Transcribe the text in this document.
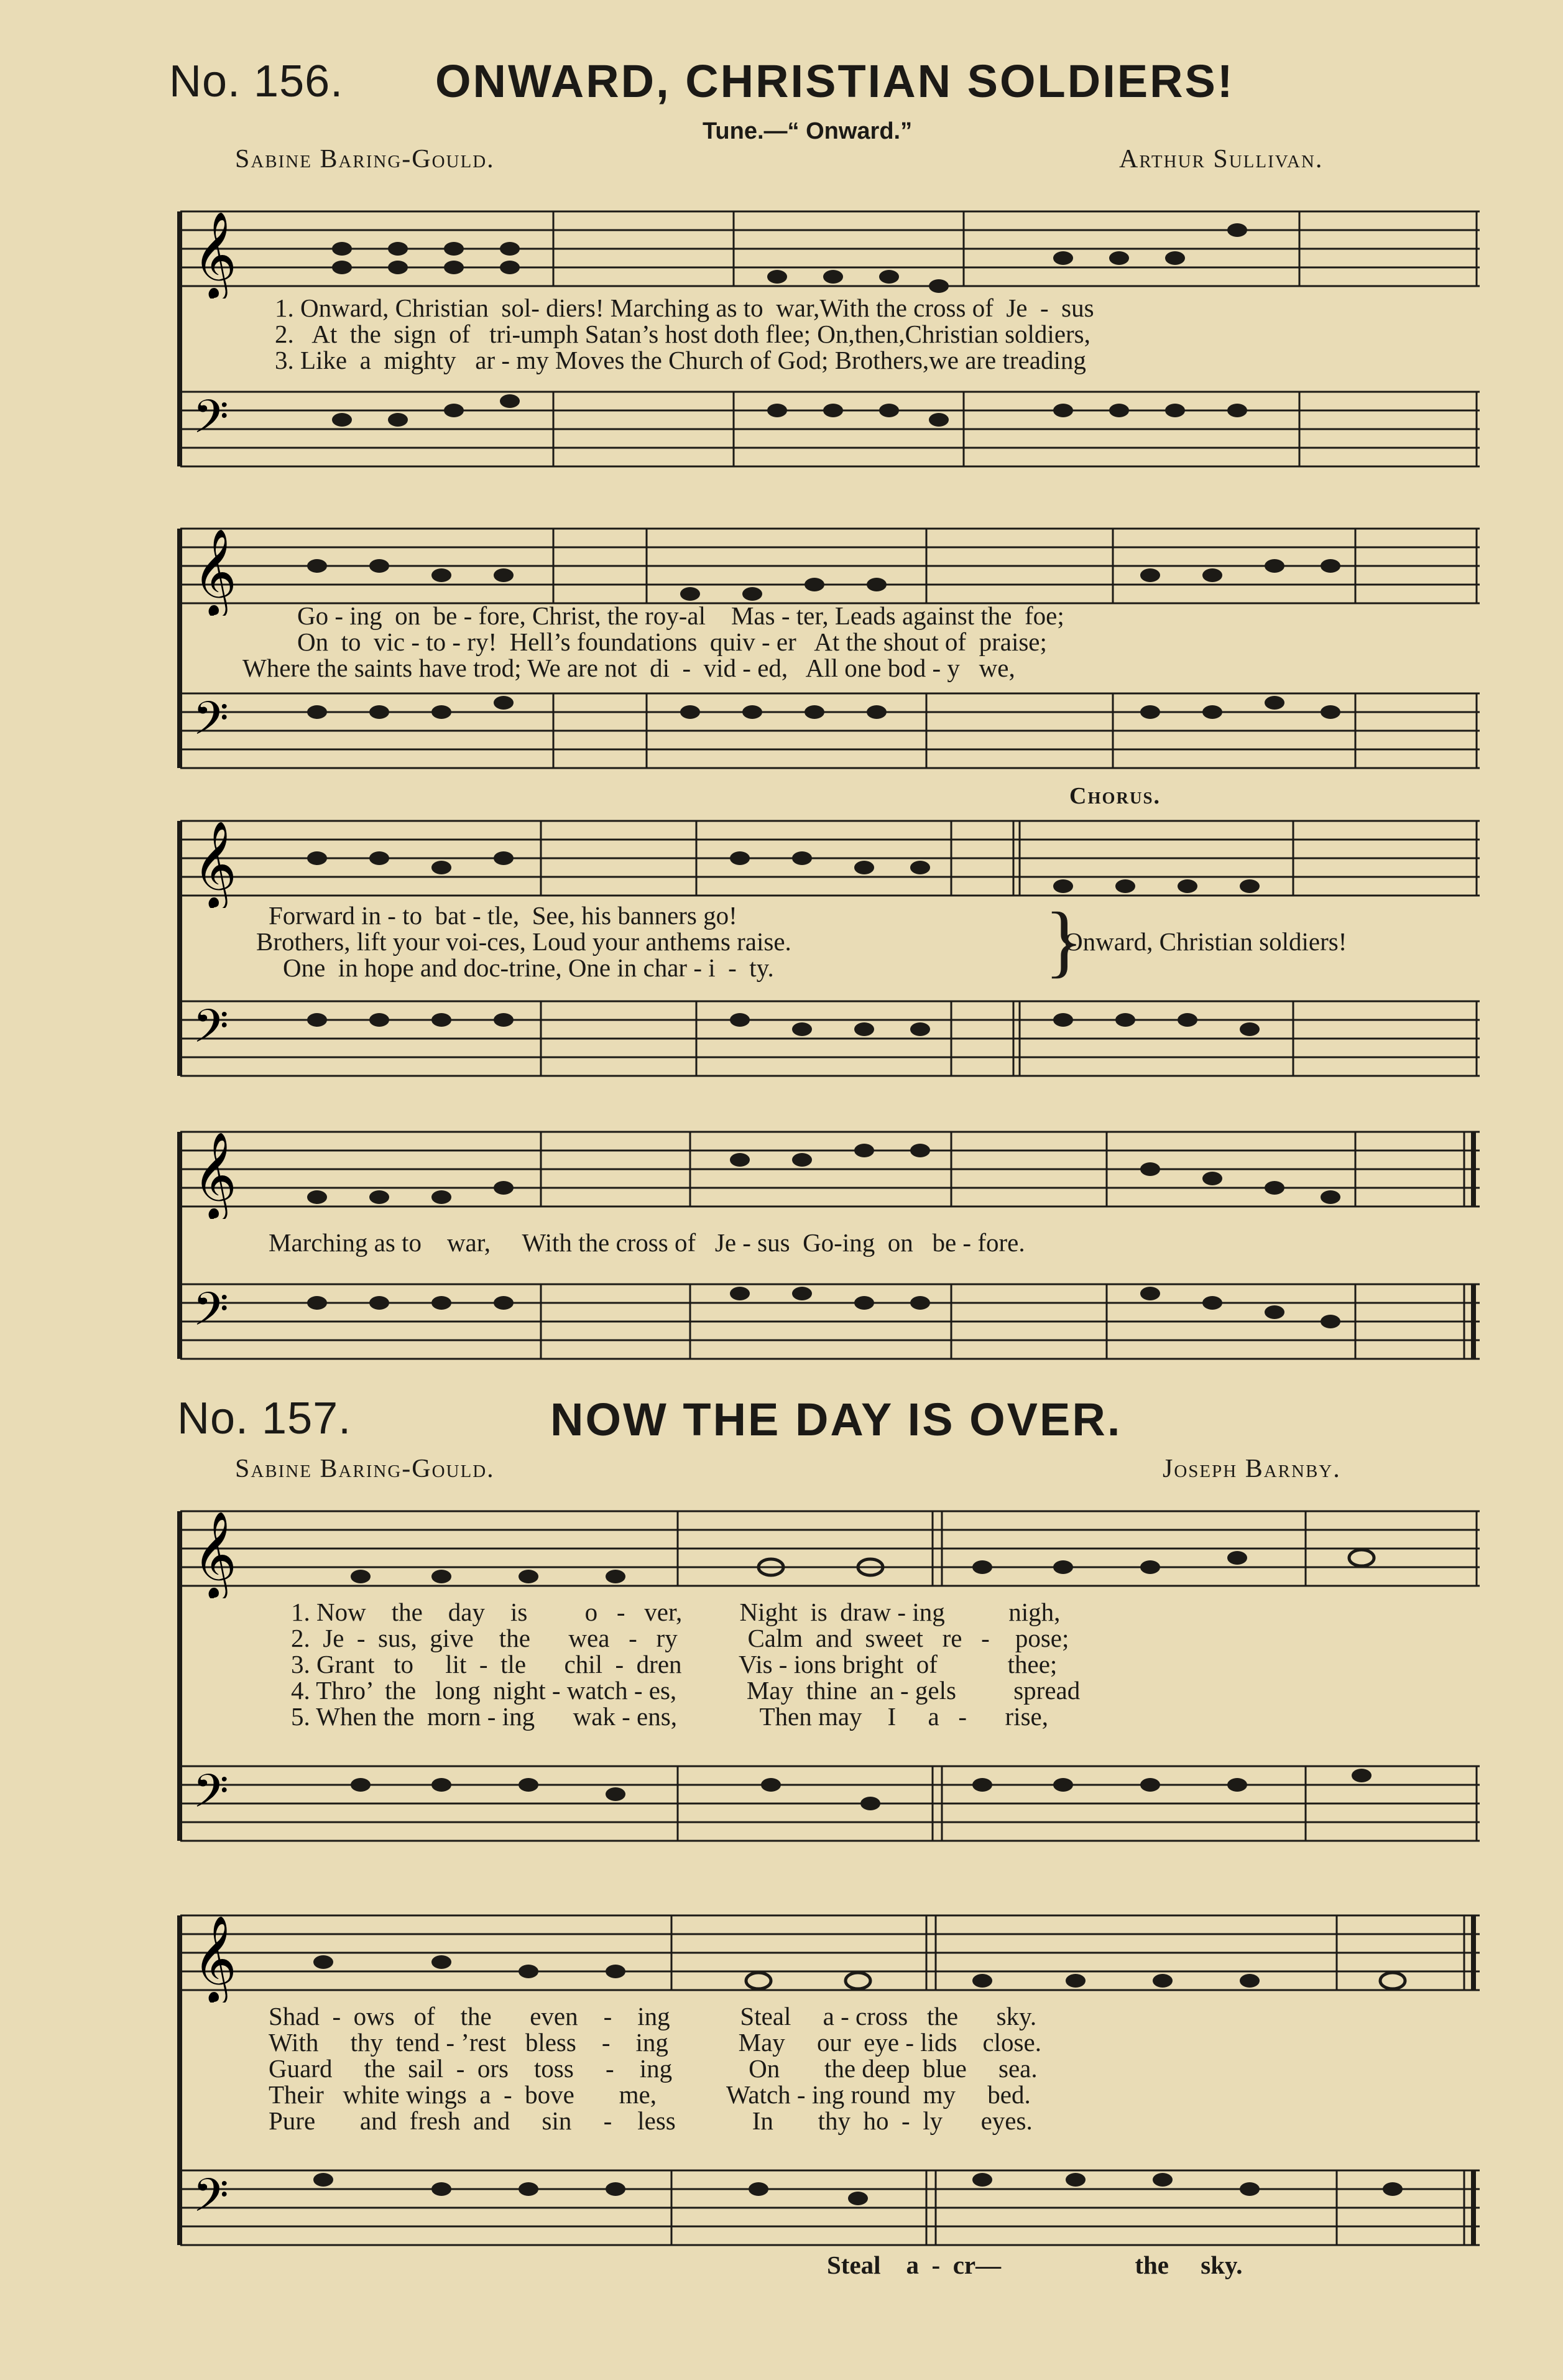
No. 156. ONWARD, CHRISTIAN SOLDIERS!
Tune.—“ Onward.”
Sabine Baring-Gould.	Arthur Sullivan.
𝄞
1. Onward, Christian  sol- diers! Marching as to  war,With the cross of  Je  -  sus
2.   At  the  sign  of   tri-umph Satan’s host doth flee; On,then,Christian soldiers,
3. Like  a  mighty   ar - my Moves the Church of God; Brothers,we are treading
𝄢
𝄞
Go - ing  on  be - fore, Christ, the roy-al    Mas - ter, Leads against the  foe;
On  to  vic - to - ry!  Hell’s foundations  quiv - er   At the shout of  praise;
Where the saints have trod; We are not  di  -  vid - ed,   All one bod - y   we,
𝄢
Chorus.
𝄞
Forward in - to  bat - tle,  See, his banners go!
Brothers, lift your voi-ces, Loud your anthems raise.
One  in hope and doc-trine, One in char - i  -  ty.	}
Onward, Christian soldiers!
𝄢
𝄞
Marching as to    war,     With the cross of   Je - sus  Go-ing  on   be - fore.
𝄢
No. 157.	NOW THE DAY IS OVER.
Sabine Baring-Gould.	Joseph Barnby.
𝄞
1. Now    the    day    is         o   -   ver,         Night  is  draw - ing          nigh,
2.  Je  -  sus,  give    the      wea   -   ry           Calm  and  sweet   re   -    pose;
3. Grant   to     lit  -  tle      chil  -  dren         Vis - ions bright  of           thee;
4. Thro’  the   long  night - watch - es,           May  thine  an - gels         spread
5. When the  morn - ing      wak - ens,             Then may    I     a   -      rise,
𝄢
𝄞
Shad  -  ows   of    the      even    -    ing           Steal     a - cross   the      sky.
With     thy  tend - ’rest   bless    -    ing           May     our  eye - lids    close.
Guard     the  sail  -  ors    toss     -    ing            On       the deep  blue     sea.
Their   white wings  a  -  bove       me,           Watch - ing round  my     bed.
Pure       and  fresh  and     sin     -    less            In       thy  ho  -  ly      eyes.
𝄢
Steal    a  -  cr—                     the     sky.
